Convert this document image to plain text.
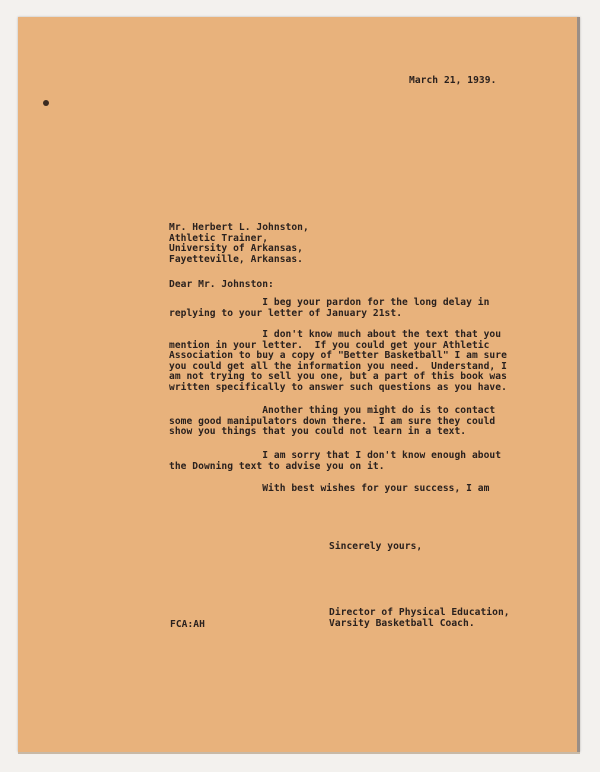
March 21, 1939.

Mr. Herbert L. Johnston,
Athletic Trainer,
University of Arkansas,
Fayetteville, Arkansas.

Dear Mr. Johnston:

I beg your pardon for the long delay in
replying to your letter of January 21st.
I don't know much about the text that you
mention in your letter.  If you could get your Athletic
Association to buy a copy of "Better Basketball" I am sure
you could get all the information you need.  Understand, I
am not trying to sell you one, but a part of this book was
written specifically to answer such questions as you have.
Another thing you might do is to contact
some good manipulators down there.  I am sure they could
show you things that you could not learn in a text.
I am sorry that I don't know enough about
the Downing text to advise you on it.
With best wishes for your success, I am

Sincerely yours,

Director of Physical Education,
Varsity Basketball Coach.

FCA:AH
